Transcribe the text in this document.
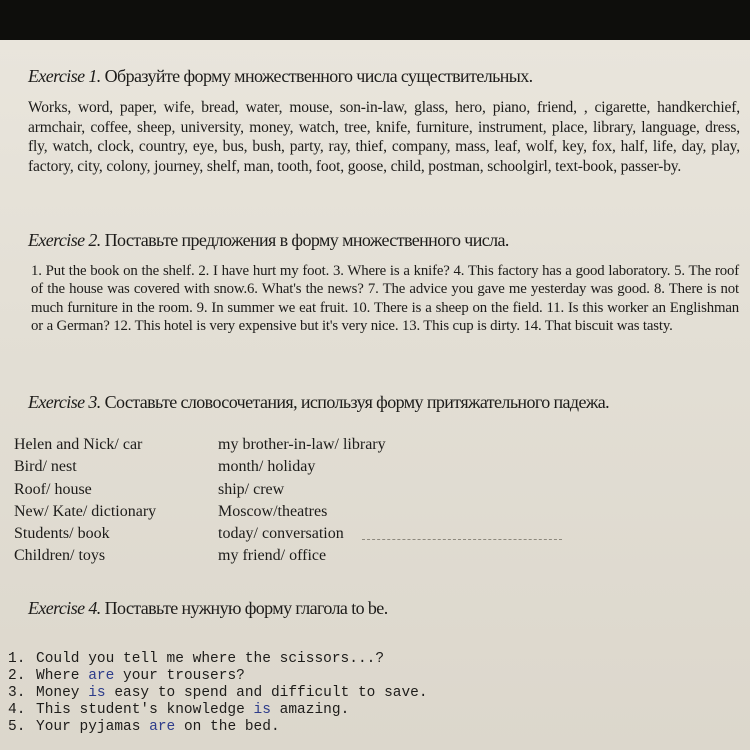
Exercise 1. Образуйте форму множественного числа существительных.

Works, word, paper, wife, bread, water, mouse, son-in-law, glass, hero, piano, friend, , cigarette, handkerchief, armchair, coffee, sheep, university, money, watch, tree, knife, furniture, instrument, place, library, language, dress, fly, watch, clock, country, eye, bus, bush, party, ray, thief, company, mass, leaf, wolf, key, fox, half, life, day, play, factory, city, colony, journey, shelf, man, tooth, foot, goose, child, postman, schoolgirl, text-book, passer-by.

Exercise 2. Поставьте предложения в форму множественного числа.

1. Put the book on the shelf. 2. I have hurt my foot. 3. Where is a knife? 4. This factory has a good laboratory. 5. The roof of the house was covered with snow.6. What's the news? 7. The advice you gave me yesterday was good. 8. There is not much furniture in the room. 9. In summer we eat fruit. 10. There is a sheep on the field. 11. Is this worker an Englishman or a German? 12. This hotel is very expensive but it's very nice. 13. This cup is dirty. 14. That biscuit was tasty.

Exercise 3. Составьте словосочетания, используя форму притяжательного падежа.
Helen and Nick/ car
Bird/ nest
Roof/ house
New/ Kate/ dictionary
Students/ book
Children/ toys
my brother-in-law/ library
month/ holiday
ship/ crew
Moscow/theatres
today/ conversation
my friend/ office
Exercise 4. Поставьте нужную форму глагола to be.
1. Could you tell me where the scissors...?
2. Where are your trousers?
3. Money is easy to spend and difficult to save.
4. This student's knowledge is amazing.
5. Your pyjamas are on the bed.
